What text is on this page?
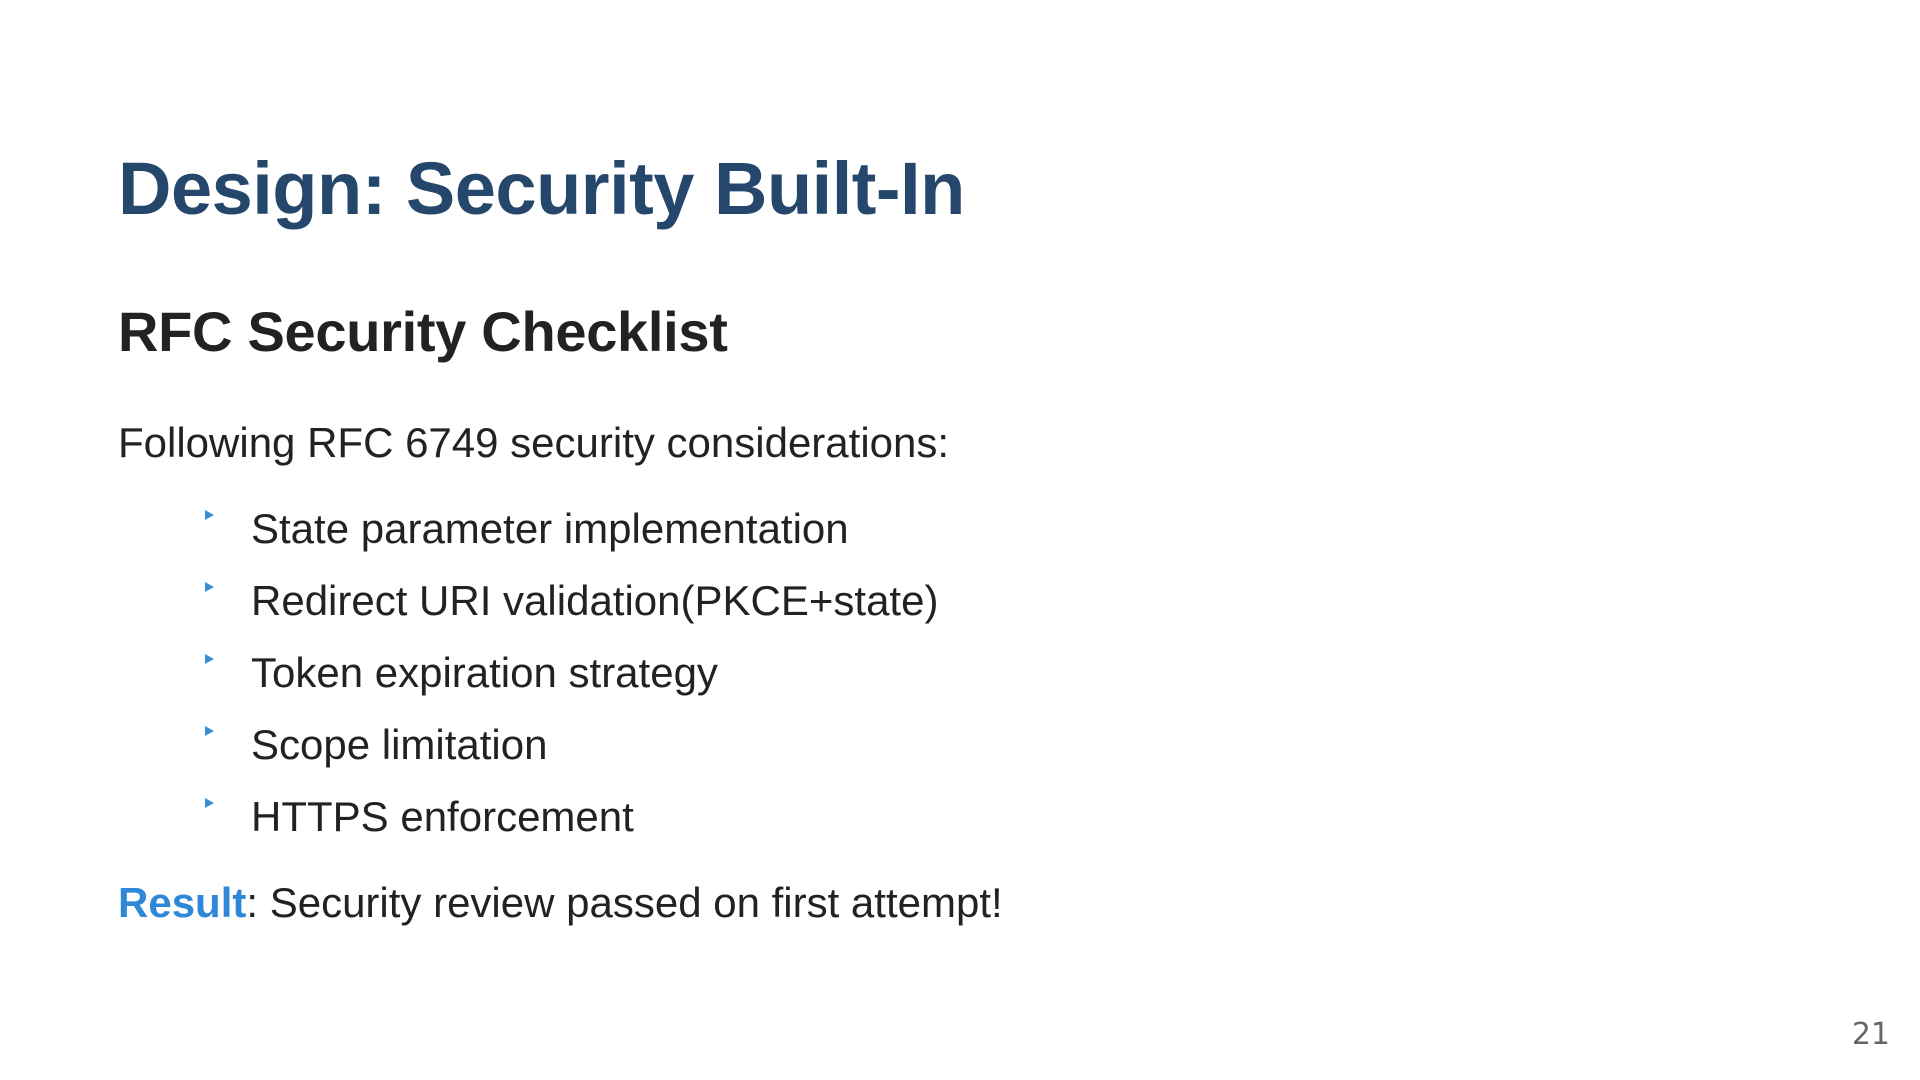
Design: Security Built-In
RFC Security Checklist

Following RFC 6749 security considerations:

State parameter implementation
Redirect URI validation(PKCE+state)
Token expiration strategy
Scope limitation
HTTPS enforcement

Result: Security review passed on first attempt!

21
